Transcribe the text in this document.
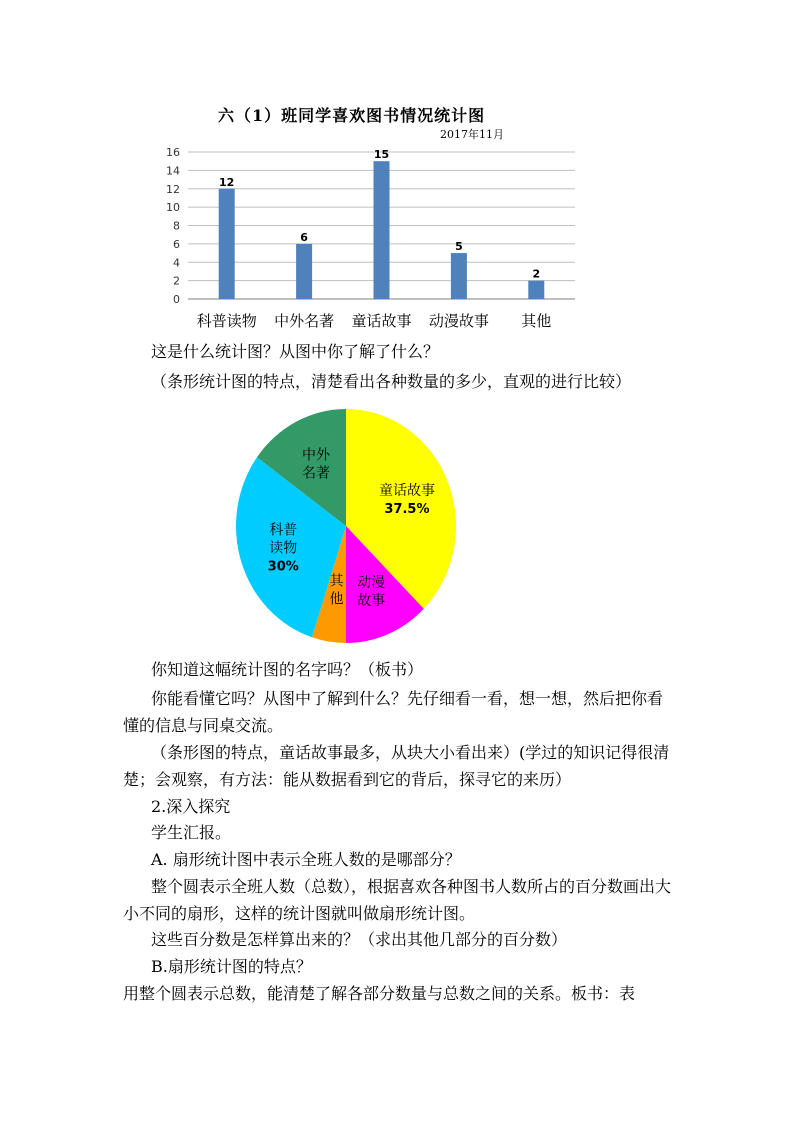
六（1）班同学喜欢图书情况统计图
2017年11月
0
2
4
6
8
10
12
14
16
12
科普读物
6
中外名著
15
童话故事
5
动漫故事
2
其他
这是什么统计图？从图中你了解了什么？
（条形统计图的特点，清楚看出各种数量的多少，直观的进行比较）
童话故事
37.5%
动漫
故事
其
他
科普
读物
30%
中外
名著
你知道这幅统计图的名字吗？（板书）
你能看懂它吗？从图中了解到什么？先仔细看一看，想一想，然后把你看
懂的信息与同桌交流。
（条形图的特点，童话故事最多，从块大小看出来）(学过的知识记得很清
楚；会观察，有方法：能从数据看到它的背后，探寻它的来历）
2.深入探究
学生汇报。
A. 扇形统计图中表示全班人数的是哪部分？
整个圆表示全班人数（总数），根据喜欢各种图书人数所占的百分数画出大
小不同的扇形，这样的统计图就叫做扇形统计图。
这些百分数是怎样算出来的？（求出其他几部分的百分数）
B.扇形统计图的特点？
用整个圆表示总数，能清楚了解各部分数量与总数之间的关系。板书：表
